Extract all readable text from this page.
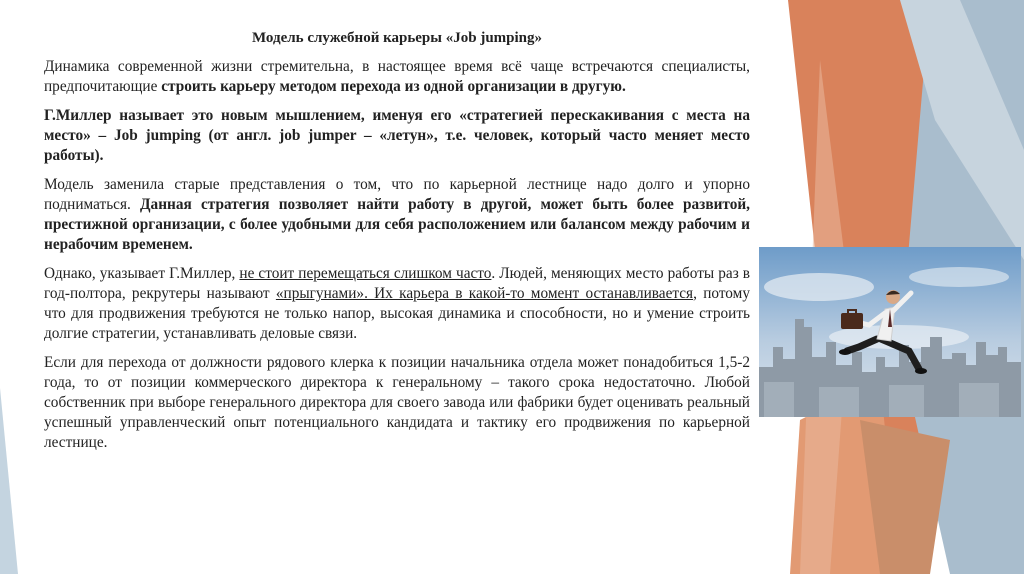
Модель служебной карьеры «Job jumping»

Динамика современной жизни стремительна, в настоящее время всё чаще встречаются специалисты, предпочитающие строить карьеру методом перехода из одной организации в другую.

Г.Миллер называет это новым мышлением, именуя его «стратегией перескакивания с места на место» – Job jumping (от англ. job jumper – «летун», т.е. человек, который часто меняет место работы).

Модель заменила старые представления о том, что по карьерной лестнице надо долго и упорно подниматься. Данная стратегия позволяет найти работу в другой, может быть более развитой, престижной организации, с более удобными для себя расположением или балансом между рабочим и нерабочим временем.

Однако, указывает Г.Миллер, не стоит перемещаться слишком часто. Людей, меняющих место работы раз в год-полтора, рекрутеры называют «прыгунами». Их карьера в какой-то момент останавливается, потому что для продвижения требуются не только напор, высокая динамика и способности, но и умение строить долгие стратегии, устанавливать деловые связи.

Если для перехода от должности рядового клерка к позиции начальника отдела может понадобиться 1,5-2 года, то от позиции коммерческого директора к генеральному – такого срока недостаточно. Любой собственник при выборе генерального директора для своего завода или фабрики будет оценивать реальный успешный управленческий опыт потенциального кандидата и тактику его продвижения по карьерной лестнице.
